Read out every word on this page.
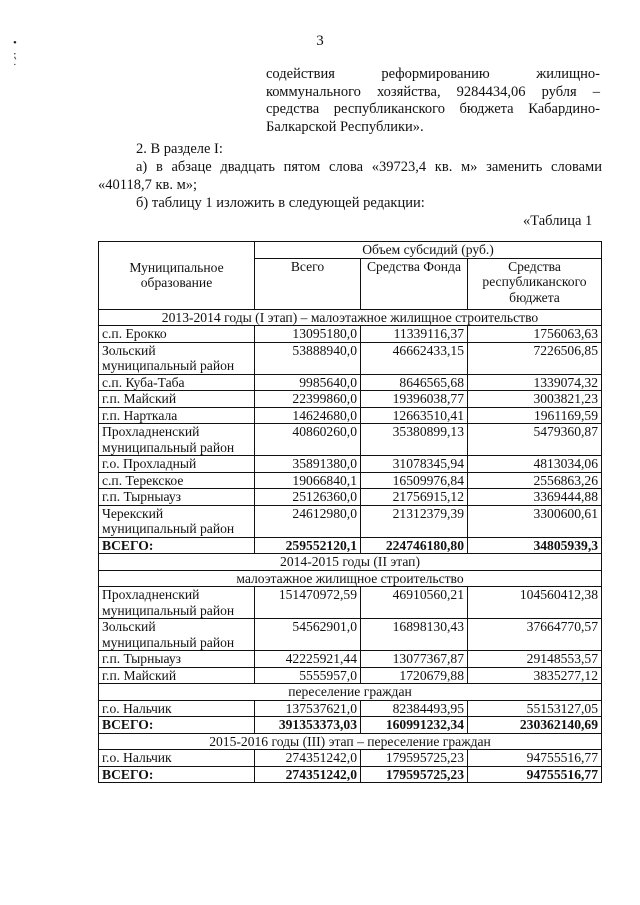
•
⁏
·
3
содействия реформированию жилищно-коммунального хозяйства, 9284434,06 рубля – средства республиканского бюджета Кабардино-Балкарской Республики».
2. В разделе I:
а) в абзаце двадцать пятом слова «39723,4 кв. м» заменить словами «40118,7 кв. м»;
б) таблицу 1 изложить в следующей редакции:
«Таблица 1
Муниципальное образование	Объем субсидий (руб.)		
	Всего	Средства Фонда	Средства республиканского бюджета
2013-2014 годы (I этап) – малоэтажное жилищное строительство			
с.п. Ерокко	13095180,0	11339116,37	1756063,63
Зольский муниципальный район	53888940,0	46662433,15	7226506,85
с.п. Куба-Таба	9985640,0	8646565,68	1339074,32
г.п. Майский	22399860,0	19396038,77	3003821,23
г.п. Нарткала	14624680,0	12663510,41	1961169,59
Прохладненский муниципальный район	40860260,0	35380899,13	5479360,87
г.о. Прохладный	35891380,0	31078345,94	4813034,06
с.п. Терекское	19066840,1	16509976,84	2556863,26
г.п. Тырныауз	25126360,0	21756915,12	3369444,88
Черекский муниципальный район	24612980,0	21312379,39	3300600,61
ВСЕГО:	259552120,1	224746180,80	34805939,3
2014-2015 годы (II этап)			
малоэтажное жилищное строительство			
Прохладненский муниципальный район	151470972,59	46910560,21	104560412,38
Зольский муниципальный район	54562901,0	16898130,43	37664770,57
г.п. Тырныауз	42225921,44	13077367,87	29148553,57
г.п. Майский	5555957,0	1720679,88	3835277,12
переселение граждан			
г.о. Нальчик	137537621,0	82384493,95	55153127,05
ВСЕГО:	391353373,03	160991232,34	230362140,69
2015-2016 годы (III) этап – переселение граждан			
г.о. Нальчик	274351242,0	179595725,23	94755516,77
ВСЕГО:	274351242,0	179595725,23	94755516,77
